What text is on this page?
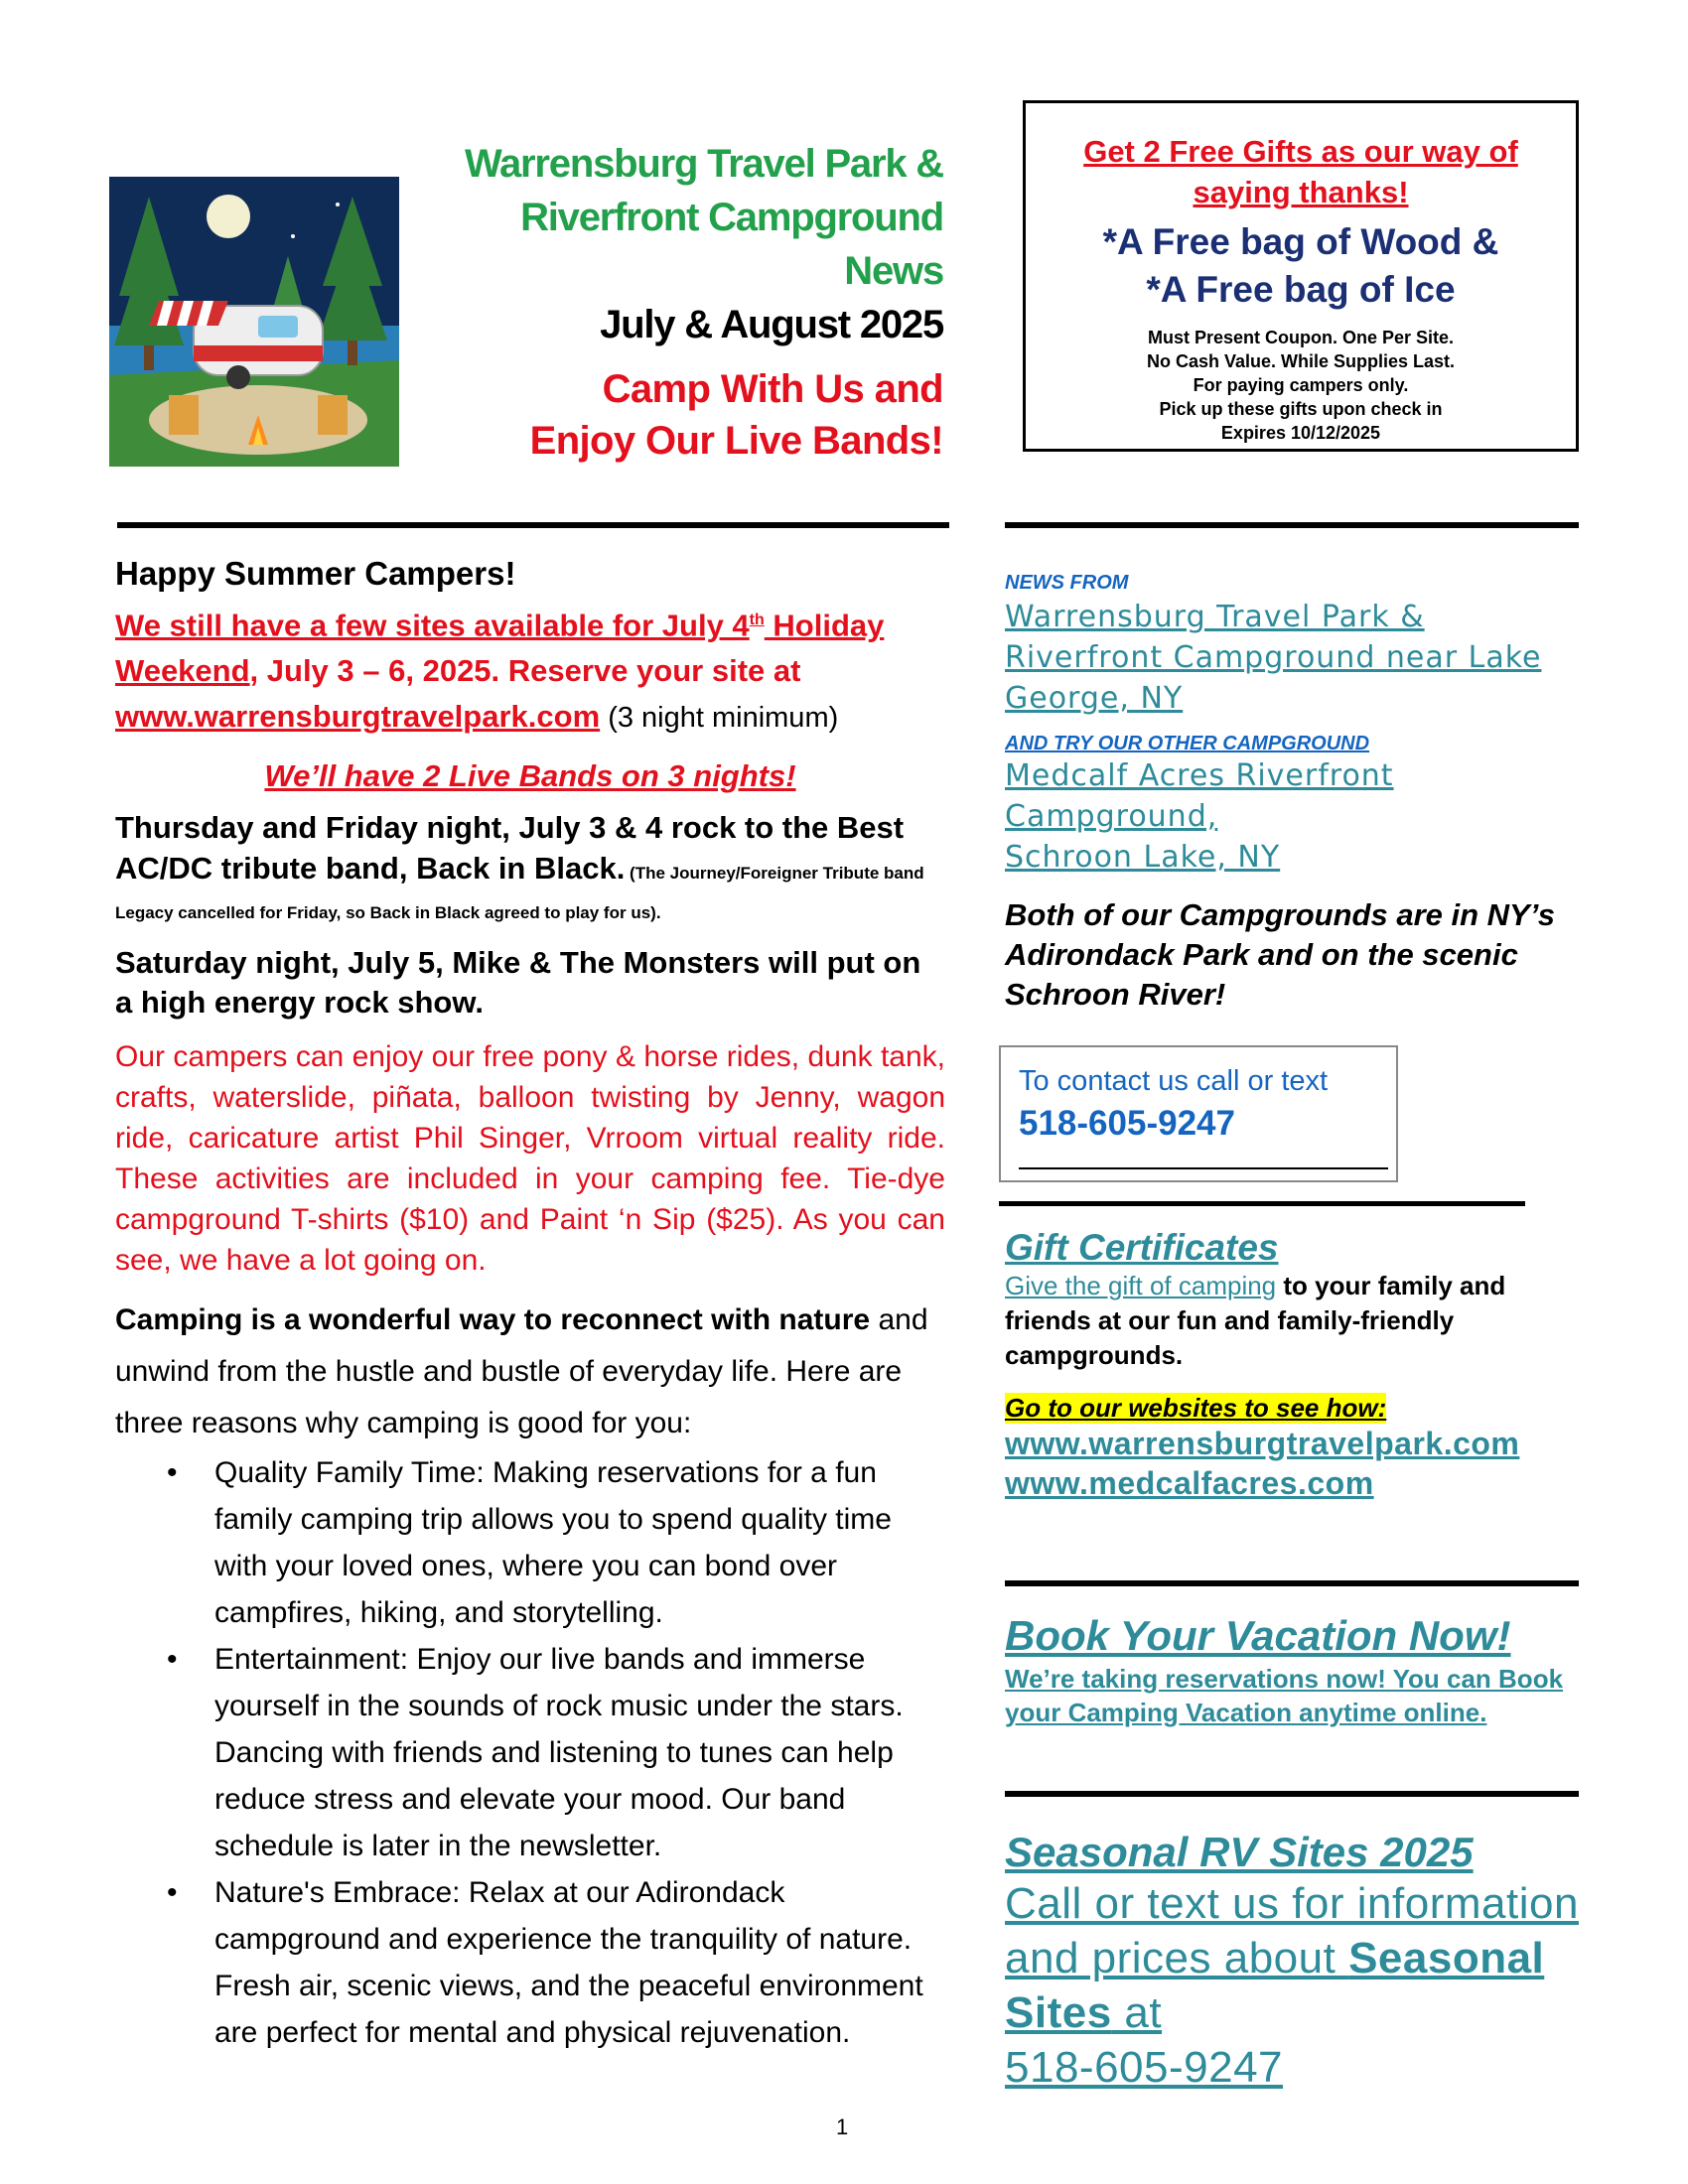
Warrensburg Travel Park &
Riverfront Campground
News
July & August 2025
Camp With Us and
Enjoy Our Live Bands!
Get 2 Free Gifts as our way of
saying thanks!
*A Free bag of Wood &
*A Free bag of Ice
Must Present Coupon. One Per Site.
No Cash Value. While Supplies Last.
For paying campers only.
Pick up these gifts upon check in
Expires 10/12/2025
Happy Summer Campers!
We still have a few sites available for July 4th Holiday
Weekend, July 3 – 6, 2025. Reserve your site at
www.warrensburgtravelpark.com (3 night minimum)
We’ll have 2 Live Bands on 3 nights!
Thursday and Friday night, July 3 & 4 rock to the Best AC/DC tribute band, Back in Black. (The Journey/Foreigner Tribute band Legacy cancelled for Friday, so Back in Black agreed to play for us).
Saturday night, July 5, Mike & The Monsters will put on a high energy rock show.
Our campers can enjoy our free pony & horse rides, dunk tank, crafts, waterslide, piñata, balloon twisting by Jenny, wagon ride, caricature artist Phil Singer, Vrroom virtual reality ride. These activities are included in your camping fee. Tie-dye campground T-shirts ($10) and Paint ‘n Sip ($25). As you can see, we have a lot going on.
Camping is a wonderful way to reconnect with nature and unwind from the hustle and bustle of everyday life. Here are three reasons why camping is good for you:
• Quality Family Time: Making reservations for a fun family camping trip allows you to spend quality time with your loved ones, where you can bond over campfires, hiking, and storytelling.
• Entertainment: Enjoy our live bands and immerse yourself in the sounds of rock music under the stars. Dancing with friends and listening to tunes can help reduce stress and elevate your mood. Our band schedule is later in the newsletter.
• Nature's Embrace: Relax at our Adirondack campground and experience the tranquility of nature. Fresh air, scenic views, and the peaceful environment are perfect for mental and physical rejuvenation.
NEWS FROM
Warrensburg Travel Park & Riverfront Campground near Lake George, NY
AND TRY OUR OTHER CAMPGROUND
Medcalf Acres Riverfront
Campground,
Schroon Lake, NY
Both of our Campgrounds are in NY’s Adirondack Park and on the scenic Schroon River!
To contact us call or text
518-605-9247
Gift Certificates
Give the gift of camping to your family and friends at our fun and family-friendly campgrounds.
Go to our websites to see how:
www.warrensburgtravelpark.com
www.medcalfacres.com
Book Your Vacation Now!
We’re taking reservations now! You can Book your Camping Vacation anytime online.
Seasonal RV Sites 2025
Call or text us for information and prices about Seasonal Sites at
518-605-9247
1
